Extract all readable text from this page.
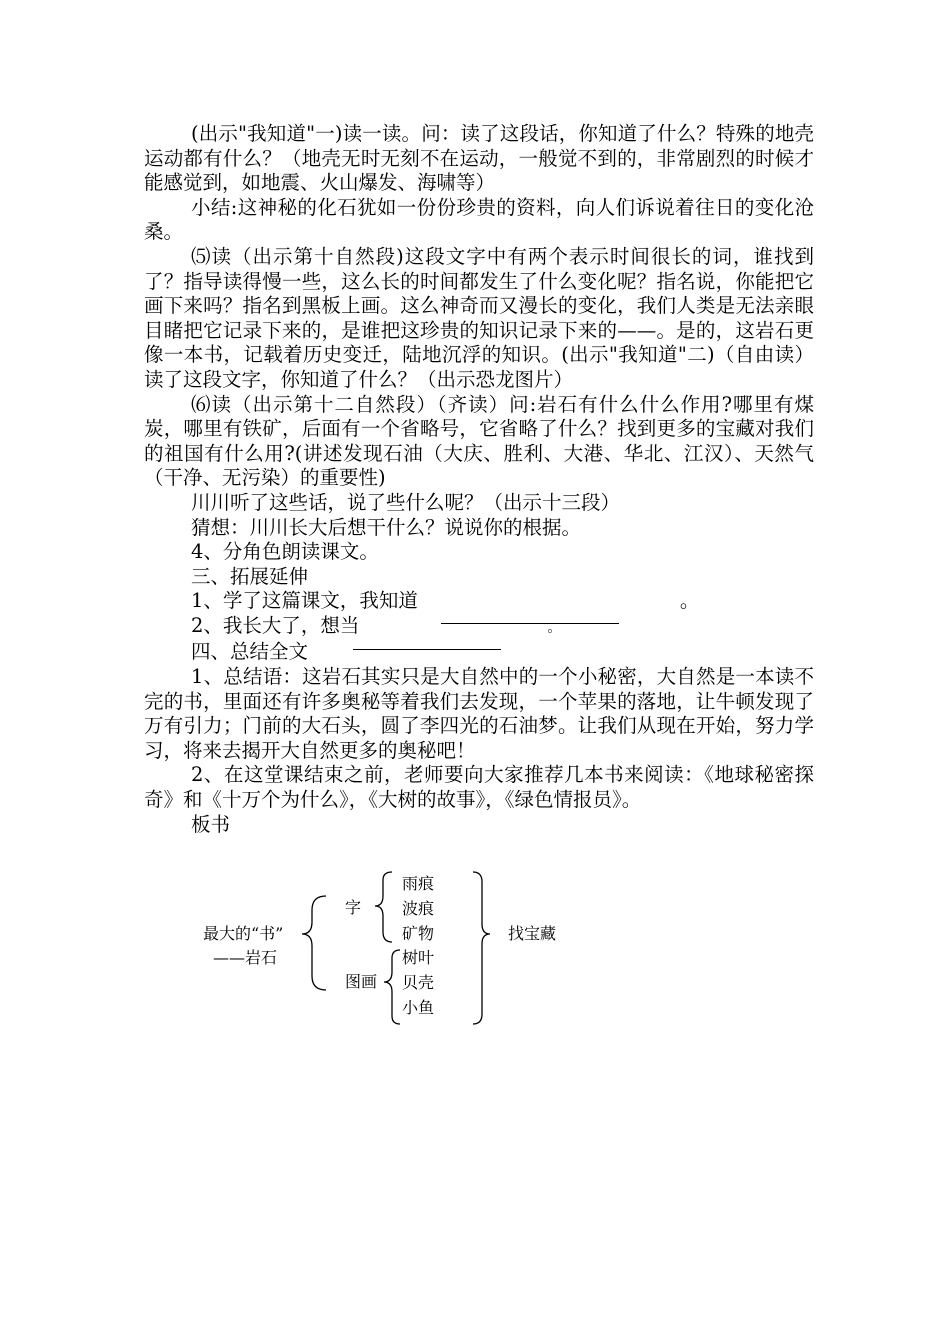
(出示"我知道"一)读一读。问：读了这段话，你知道了什么？特殊的地壳运动都有什么？（地壳无时无刻不在运动，一般觉不到的，非常剧烈的时候才能感觉到，如地震、火山爆发、海啸等）

小结:这神秘的化石犹如一份份珍贵的资料，向人们诉说着往日的变化沧桑。

⑸读（出示第十自然段)这段文字中有两个表示时间很长的词，谁找到了？指导读得慢一些，这么长的时间都发生了什么变化呢？指名说，你能把它画下来吗？指名到黑板上画。这么神奇而又漫长的变化，我们人类是无法亲眼目睹把它记录下来的，是谁把这珍贵的知识记录下来的——。是的，这岩石更像一本书，记载着历史变迁，陆地沉浮的知识。(出示"我知道"二)（自由读）读了这段文字，你知道了什么？（出示恐龙图片）

⑹读（出示第十二自然段）（齐读）问:岩石有什么什么作用?哪里有煤炭，哪里有铁矿，后面有一个省略号，它省略了什么？找到更多的宝藏对我们的祖国有什么用?(讲述发现石油（大庆、胜利、大港、华北、江汉）、天然气（干净、无污染）的重要性)

川川听了这些话，说了些什么呢？（出示十三段）

猜想：川川长大后想干什么？说说你的根据。

4、分角色朗读课文。

三、拓展延伸

1、学了这篇课文，我知道	。

2、我长大了，想当	。

四、总结全文

1、总结语：这岩石其实只是大自然中的一个小秘密，大自然是一本读不完的书，里面还有许多奥秘等着我们去发现，一个苹果的落地，让牛顿发现了万有引力；门前的大石头，圆了李四光的石油梦。让我们从现在开始，努力学习，将来去揭开大自然更多的奥秘吧！

2、在这堂课结束之前，老师要向大家推荐几本书来阅读：《地球秘密探奇》和《十万个为什么》，《大树的故事》，《绿色情报员》。

板书

最大的“书”
——岩石
字
雨痕
波痕
矿物
图画
树叶
贝壳
小鱼
找宝藏
